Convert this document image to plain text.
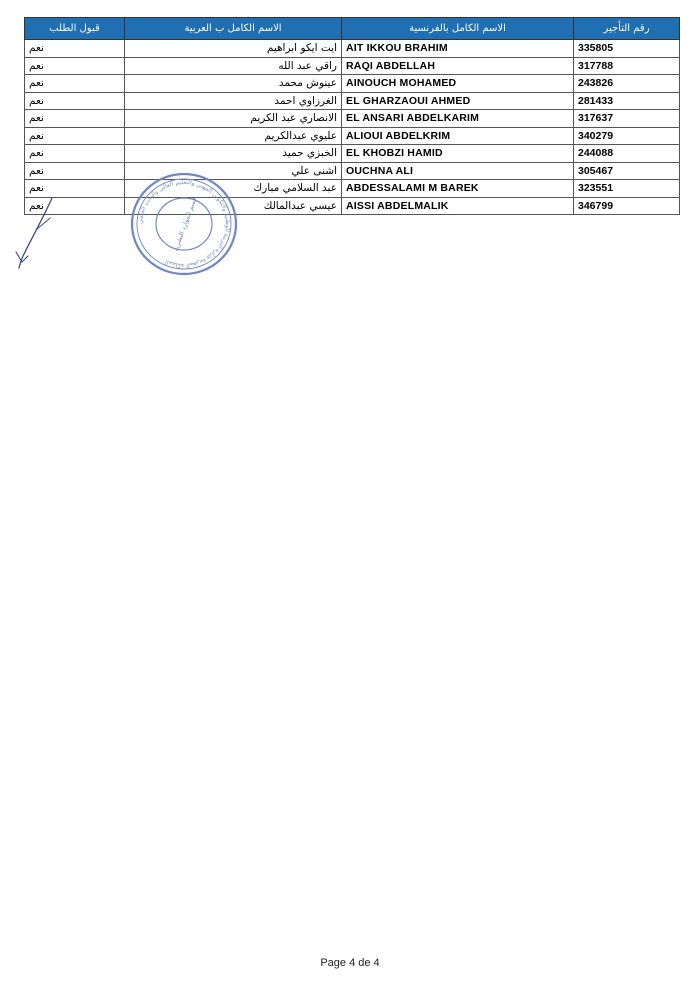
قبول الطلب	الاسم الكامل ب العربية	الاسم الكامل بالفرنسية	رقم التأجير
نعم	ايت ايكو ابراهيم	AIT IKKOU BRAHIM	335805
نعم	راقي عبد الله	RAQI ABDELLAH	317788
نعم	عينوش محمد	AINOUCH MOHAMED	243826
نعم	الغرزاوي احمد	EL GHARZAOUI AHMED	281433
نعم	الانصاري عبد الكريم	EL ANSARI ABDELKARIM	317637
نعم	عليوي عبدالكريم	ALIOUI ABDELKRIM	340279
نعم	الخبزي حميد	EL KHOBZI HAMID	244088
نعم	اشنى علي	OUCHNA ALI	305467
نعم	عبد السلامي مبارك	ABDESSALAMI M BAREK	323551
نعم	عيسي عبدالمالك	AISSI ABDELMALIK	346799
المملكة المغربية وزارة التربية الوطنية والتكوين المهني والتعليم العالي والبحث العلمي
قسم الموارد البشرية
Page 4 de 4
